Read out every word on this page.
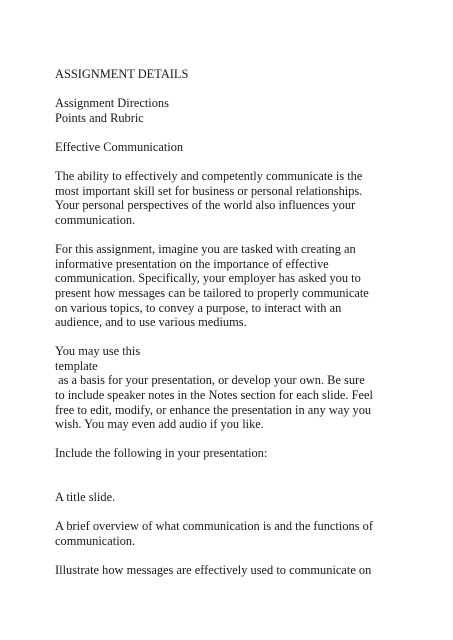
ASSIGNMENT DETAILS
Assignment Directions
Points and Rubric
Effective Communication
The ability to effectively and competently communicate is the
most important skill set for business or personal relationships.
Your personal perspectives of the world also influences your
communication.
For this assignment, imagine you are tasked with creating an
informative presentation on the importance of effective
communication. Specifically, your employer has asked you to
present how messages can be tailored to properly communicate
on various topics, to convey a purpose, to interact with an
audience, and to use various mediums.
You may use this
template
as a basis for your presentation, or develop your own. Be sure
to include speaker notes in the Notes section for each slide. Feel
free to edit, modify, or enhance the presentation in any way you
wish. You may even add audio if you like.
Include the following in your presentation:
A title slide.
A brief overview of what communication is and the functions of
communication.
Illustrate how messages are effectively used to communicate on
